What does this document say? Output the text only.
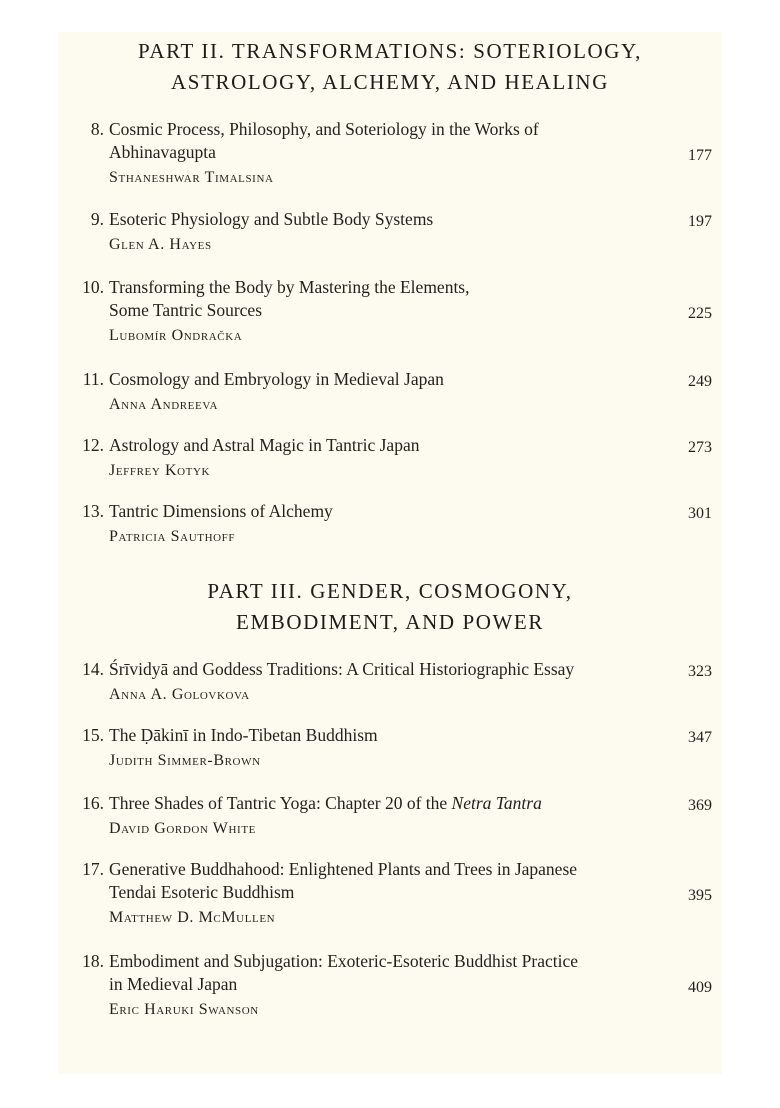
PART II. TRANSFORMATIONS: SOTERIOLOGY,
ASTROLOGY, ALCHEMY, AND HEALING
8. Cosmic Process, Philosophy, and Soteriology in the Works of
Abhinavagupta
Sthaneshwar Timalsina
177
9. Esoteric Physiology and Subtle Body Systems
Glen A. Hayes
197
10. Transforming the Body by Mastering the Elements,
Some Tantric Sources
Lubomír Ondračka
225
11. Cosmology and Embryology in Medieval Japan
Anna Andreeva
249
12. Astrology and Astral Magic in Tantric Japan
Jeffrey Kotyk
273
13. Tantric Dimensions of Alchemy
Patricia Sauthoff
301
PART III. GENDER, COSMOGONY,
EMBODIMENT, AND POWER
14. Śrīvidyā and Goddess Traditions: A Critical Historiographic Essay
Anna A. Golovkova
323
15. The Ḍākinī in Indo-Tibetan Buddhism
Judith Simmer-Brown
347
16. Three Shades of Tantric Yoga: Chapter 20 of the Netra Tantra
David Gordon White
369
17. Generative Buddhahood: Enlightened Plants and Trees in Japanese
Tendai Esoteric Buddhism
Matthew D. McMullen
395
18. Embodiment and Subjugation: Exoteric-Esoteric Buddhist Practice
in Medieval Japan
Eric Haruki Swanson
409
